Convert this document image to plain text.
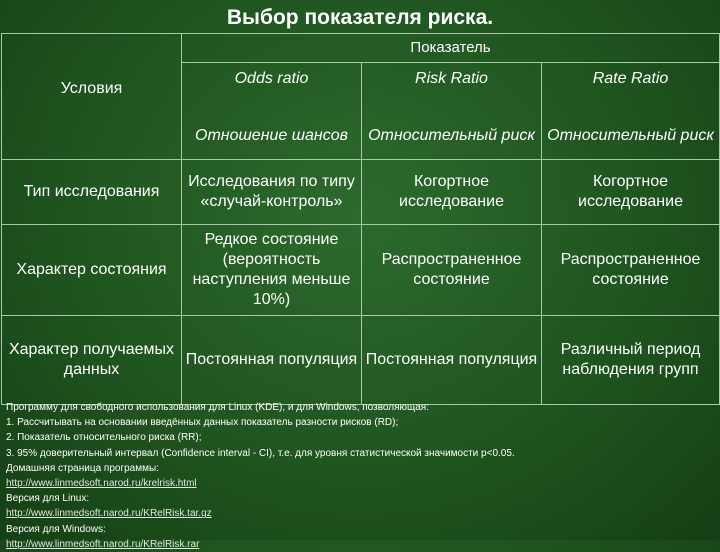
Выбор показателя риска.
Условия	Показатель		
	Odds ratio	Risk Ratio	Rate Ratio
	Отношение шансов	Относительный риск	Относительный риск
Тип исследования	Исследования по типу «случай-контроль»	Когортное исследование	Когортное исследование
Характер состояния	Редкое состояние (вероятность наступления меньше 10%)	Распространенное состояние	Распространенное состояние
Характер получаемых данных	Постоянная популяция	Постоянная популяция	Различный период наблюдения групп
Программу для свободного использования для Linux (KDE), и для Windows, позволяющая:
1. Рассчитывать на основании введённых данных показатель разности рисков (RD);
2. Показатель относительного риска (RR);
3. 95% доверительный интервал (Confidence interval - CI), т.е. для уровня статистической значимости p<0.05.
Домашняя страница программы:
http://www.linmedsoft.narod.ru/krelrisk.html
Версия для Linux:
http://www.linmedsoft.narod.ru/KRelRisk.tar.gz
Версия для Windows:
http://www.linmedsoft.narod.ru/KRelRisk.rar
